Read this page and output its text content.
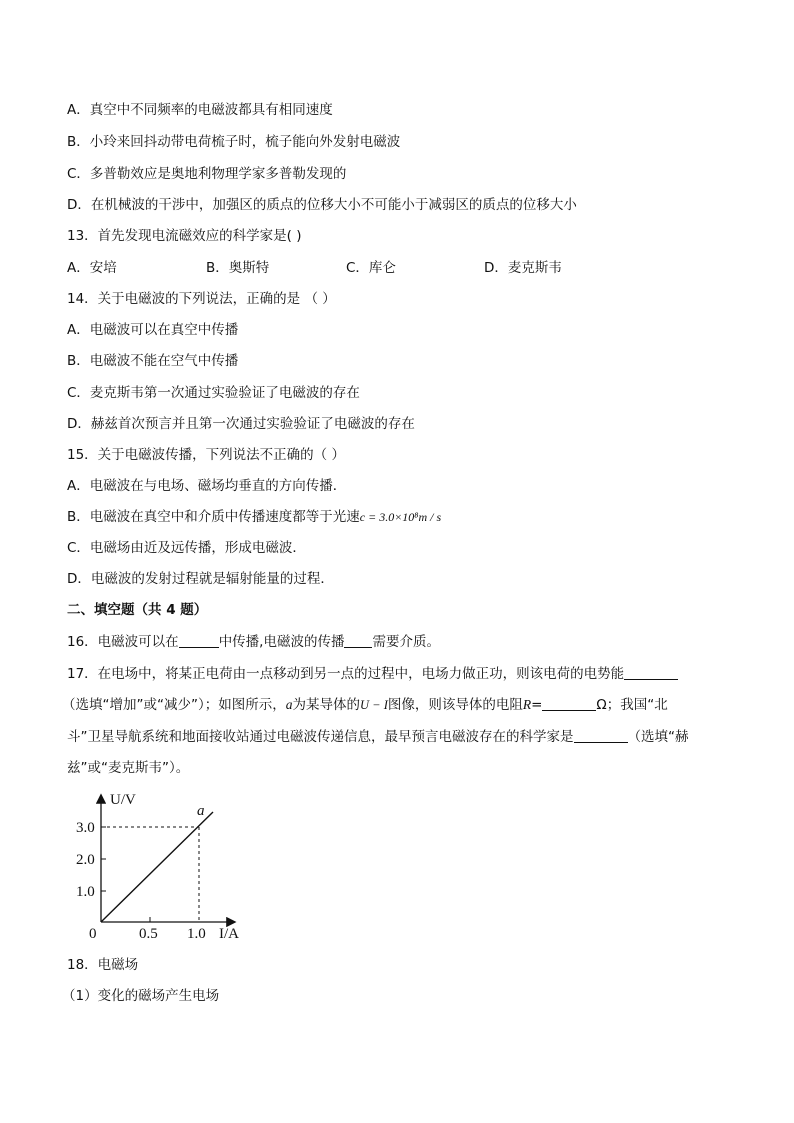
A．真空中不同频率的电磁波都具有相同速度
B．小玲来回抖动带电荷梳子时，梳子能向外发射电磁波
C．多普勒效应是奥地利物理学家多普勒发现的
D．在机械波的干涉中，加强区的质点的位移大小不可能小于减弱区的质点的位移大小
13．首先发现电流磁效应的科学家是( )
A．安培	B．奥斯特	C．库仑	D．麦克斯韦
14．关于电磁波的下列说法，正确的是 （ ）
A．电磁波可以在真空中传播
B．电磁波不能在空气中传播
C．麦克斯韦第一次通过实验验证了电磁波的存在
D．赫兹首次预言并且第一次通过实验验证了电磁波的存在
15．关于电磁波传播，下列说法不正确的（ ）
A．电磁波在与电场、磁场均垂直的方向传播．
B．电磁波在真空中和介质中传播速度都等于光速c = 3.0×10⁸m / s
C．电磁场由近及远传播，形成电磁波．
D．电磁波的发射过程就是辐射能量的过程．
二、填空题（共 4 题）
16．电磁波可以在	中传播,电磁波的传播 需要介质。
17．在电场中，将某正电荷由一点移动到另一点的过程中，电场力做正功，则该电荷的电势能
（选填“增加”或“减少”）；如图所示，a为某导体的U − I图像，则该导体的电阻R=	Ω；我国“北
斗”卫星导航系统和地面接收站通过电磁波传递信息，最早预言电磁波存在的科学家是	（选填“赫
兹”或“麦克斯韦”）。
U/V
I/A
0
3.0
2.0
1.0
0.5 1.0
a
18．电磁场
（1）变化的磁场产生电场
